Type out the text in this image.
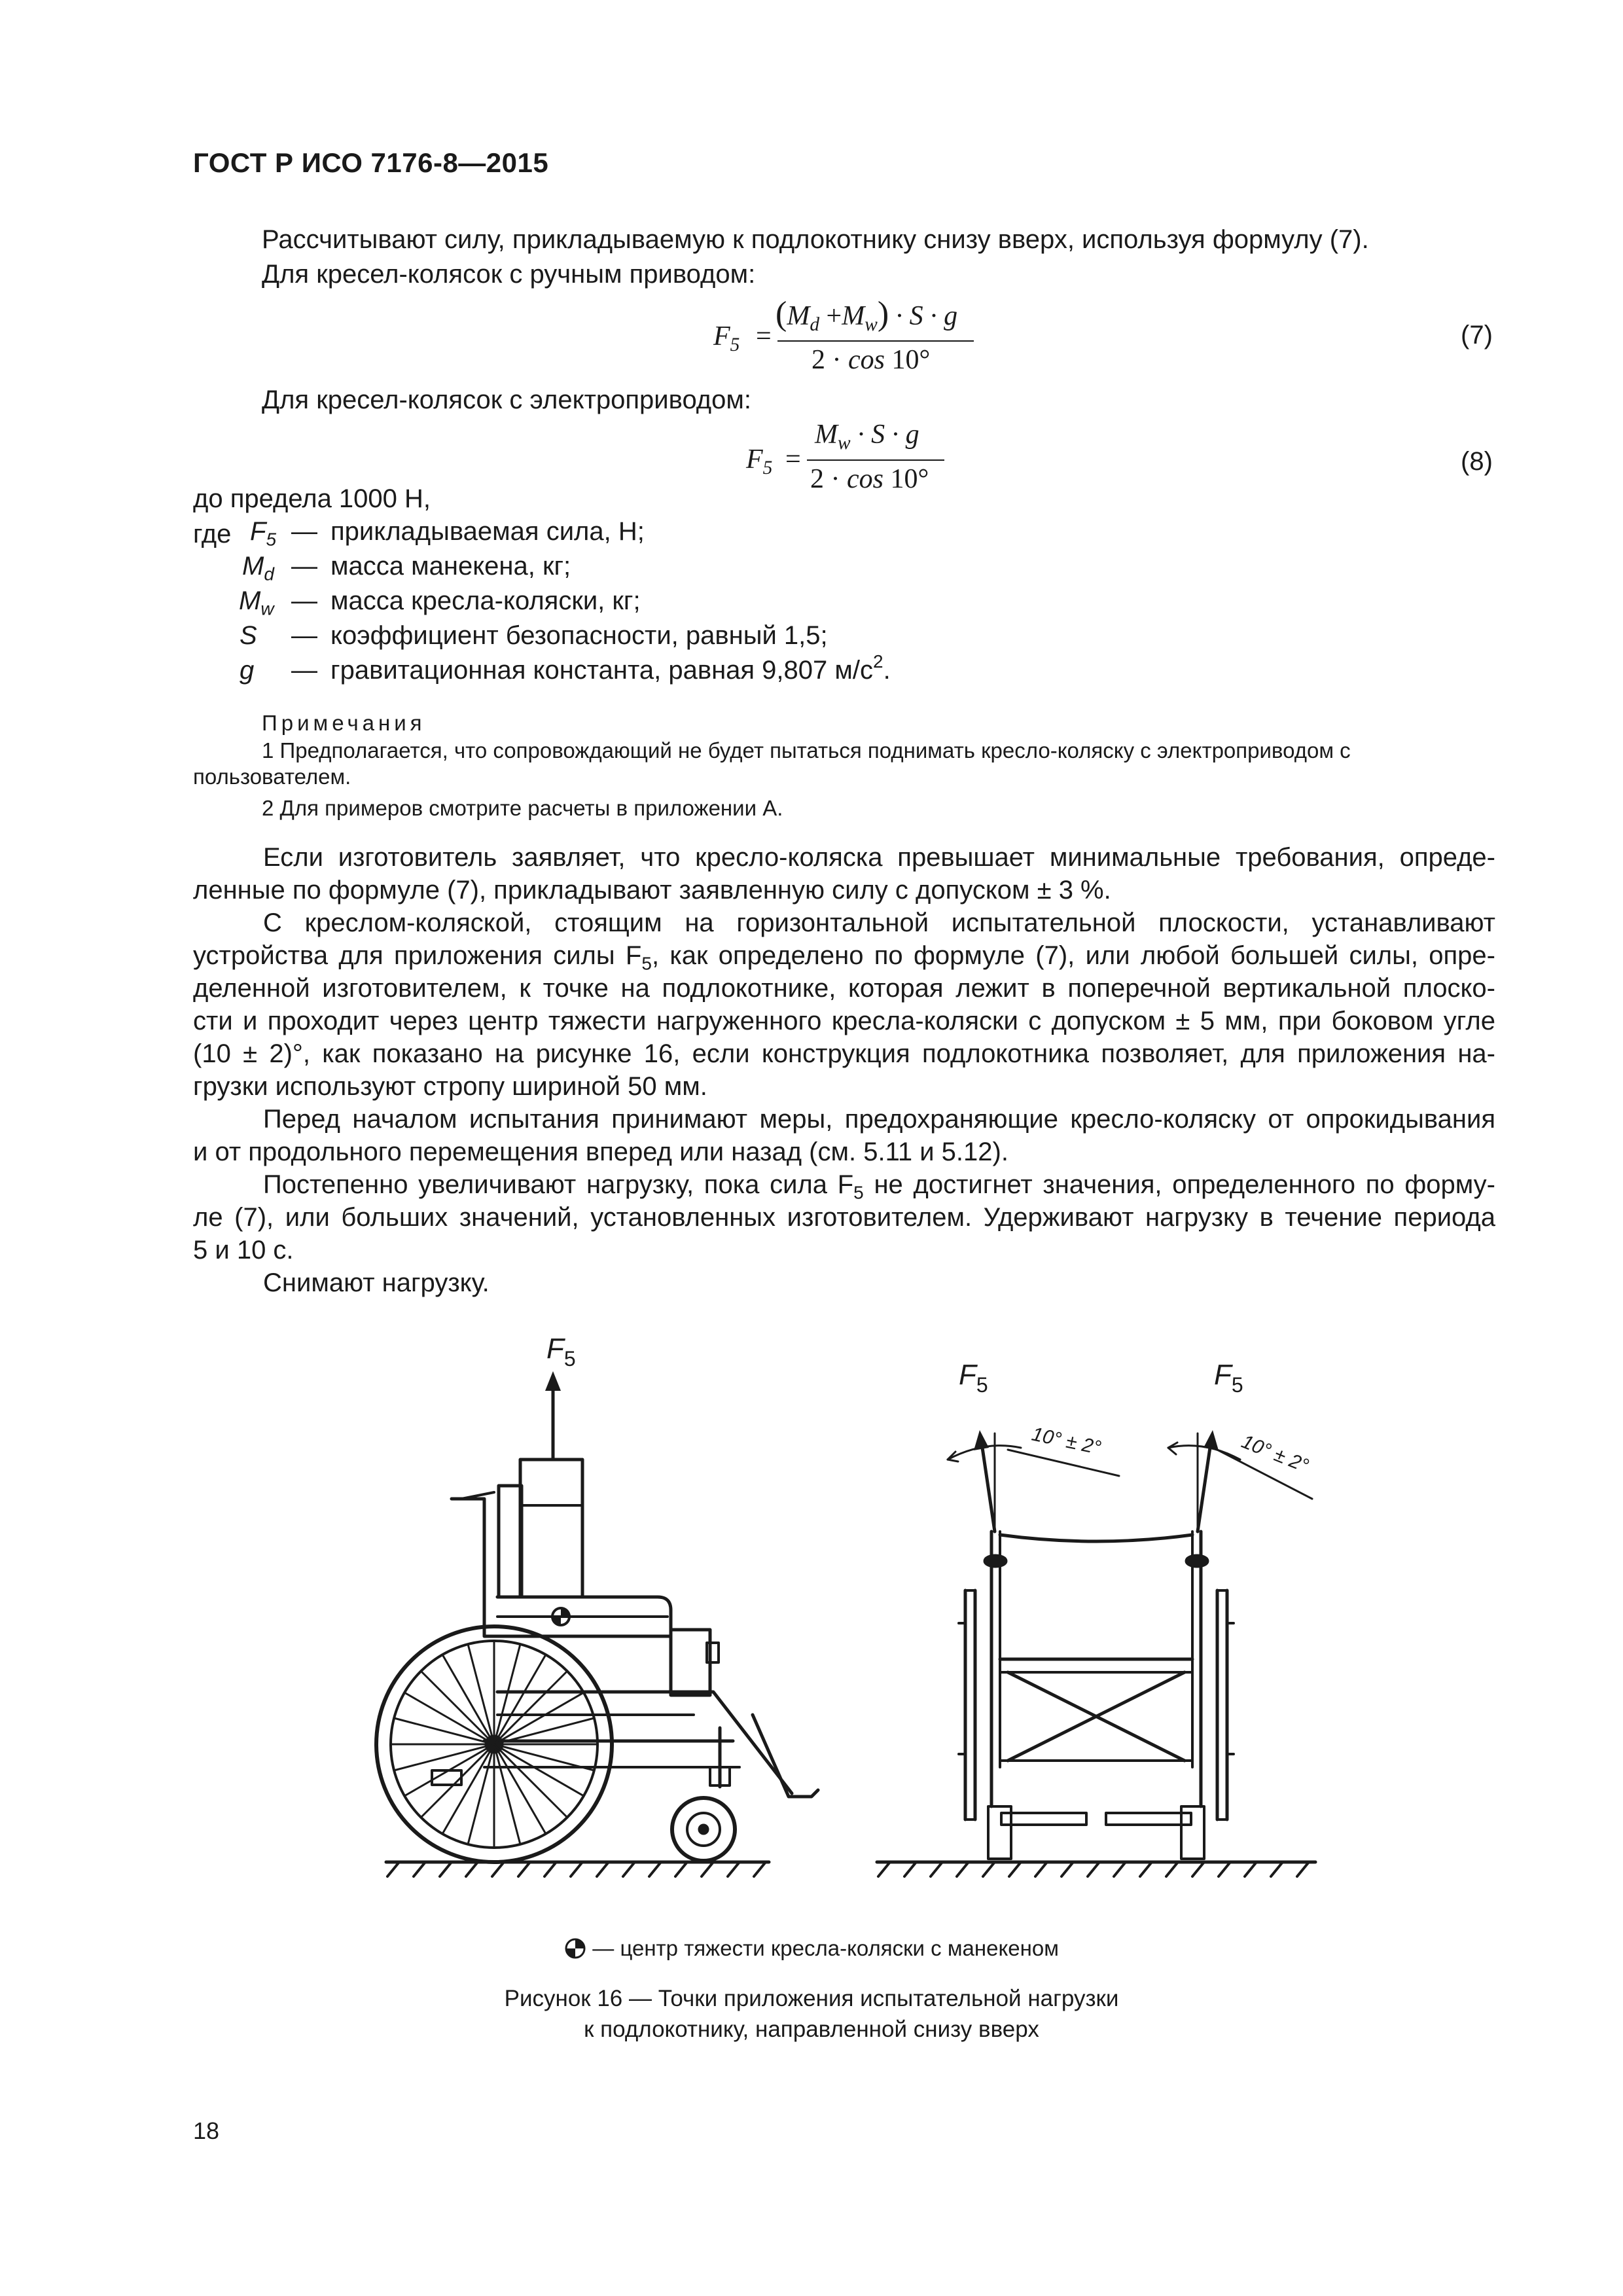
ГОСТ Р ИСО 7176-8—2015
Рассчитывают силу, прикладываемую к подлокотнику снизу вверх, используя формулу (7).
Для кресел-колясок с ручным приводом:
$F_5$ =
$(M_d +M_w) \cdot S \cdot g$
2 · cos 10°
(7)
Для кресел-колясок с электроприводом:
$F_5$ =
$M_w \cdot S \cdot g$
2 · cos 10°
(8)
до предела 1000 Н,
где $F_5$ — прикладываемая сила, Н;
$M_d$ — масса манекена, кг;
$M_w$ — масса кресла-коляски, кг;
S — коэффициент безопасности, равный 1,5;
g — гравитационная константа, равная 9,807 $м/с^2$.
Примечания
1 Предполагается, что сопровождающий не будет пытаться поднимать кресло-коляску с электроприводом с
пользователем.
2 Для примеров смотрите расчеты в приложении А.
Если изготовитель заявляет, что кресло-коляска превышает минимальные требования, опреде-
ленные по формуле (7), прикладывают заявленную силу с допуском ± 3 %.
С креслом-коляской, стоящим на горизонтальной испытательной плоскости, устанавливают
устройства для приложения силы $F_5$, как определено по формуле (7), или любой большей силы, опре-
деленной изготовителем, к точке на подлокотнике, которая лежит в поперечной вертикальной плоско-
сти и проходит через центр тяжести нагруженного кресла-коляски с допуском ± 5 мм, при боковом угле
(10 ± 2)°, как показано на рисунке 16, если конструкция подлокотника позволяет, для приложения на-
грузки используют стропу шириной 50 мм.
Перед началом испытания принимают меры, предохраняющие кресло-коляску от опрокидывания
и от продольного перемещения вперед или назад (см. 5.11 и 5.12).
Постепенно увеличивают нагрузку, пока сила $F_5$ не достигнет значения, определенного по форму-
ле (7), или больших значений, установленных изготовителем. Удерживают нагрузку в течение периода
5 и 10 с.
Снимают нагрузку.
$F_5$	$F_5$
10° ± 2°
$F_5$
10° ± 2°
— центр тяжести кресла-коляски с манекеном
Рисунок 16 — Точки приложения испытательной нагрузки
к подлокотнику, направленной снизу вверх
18
